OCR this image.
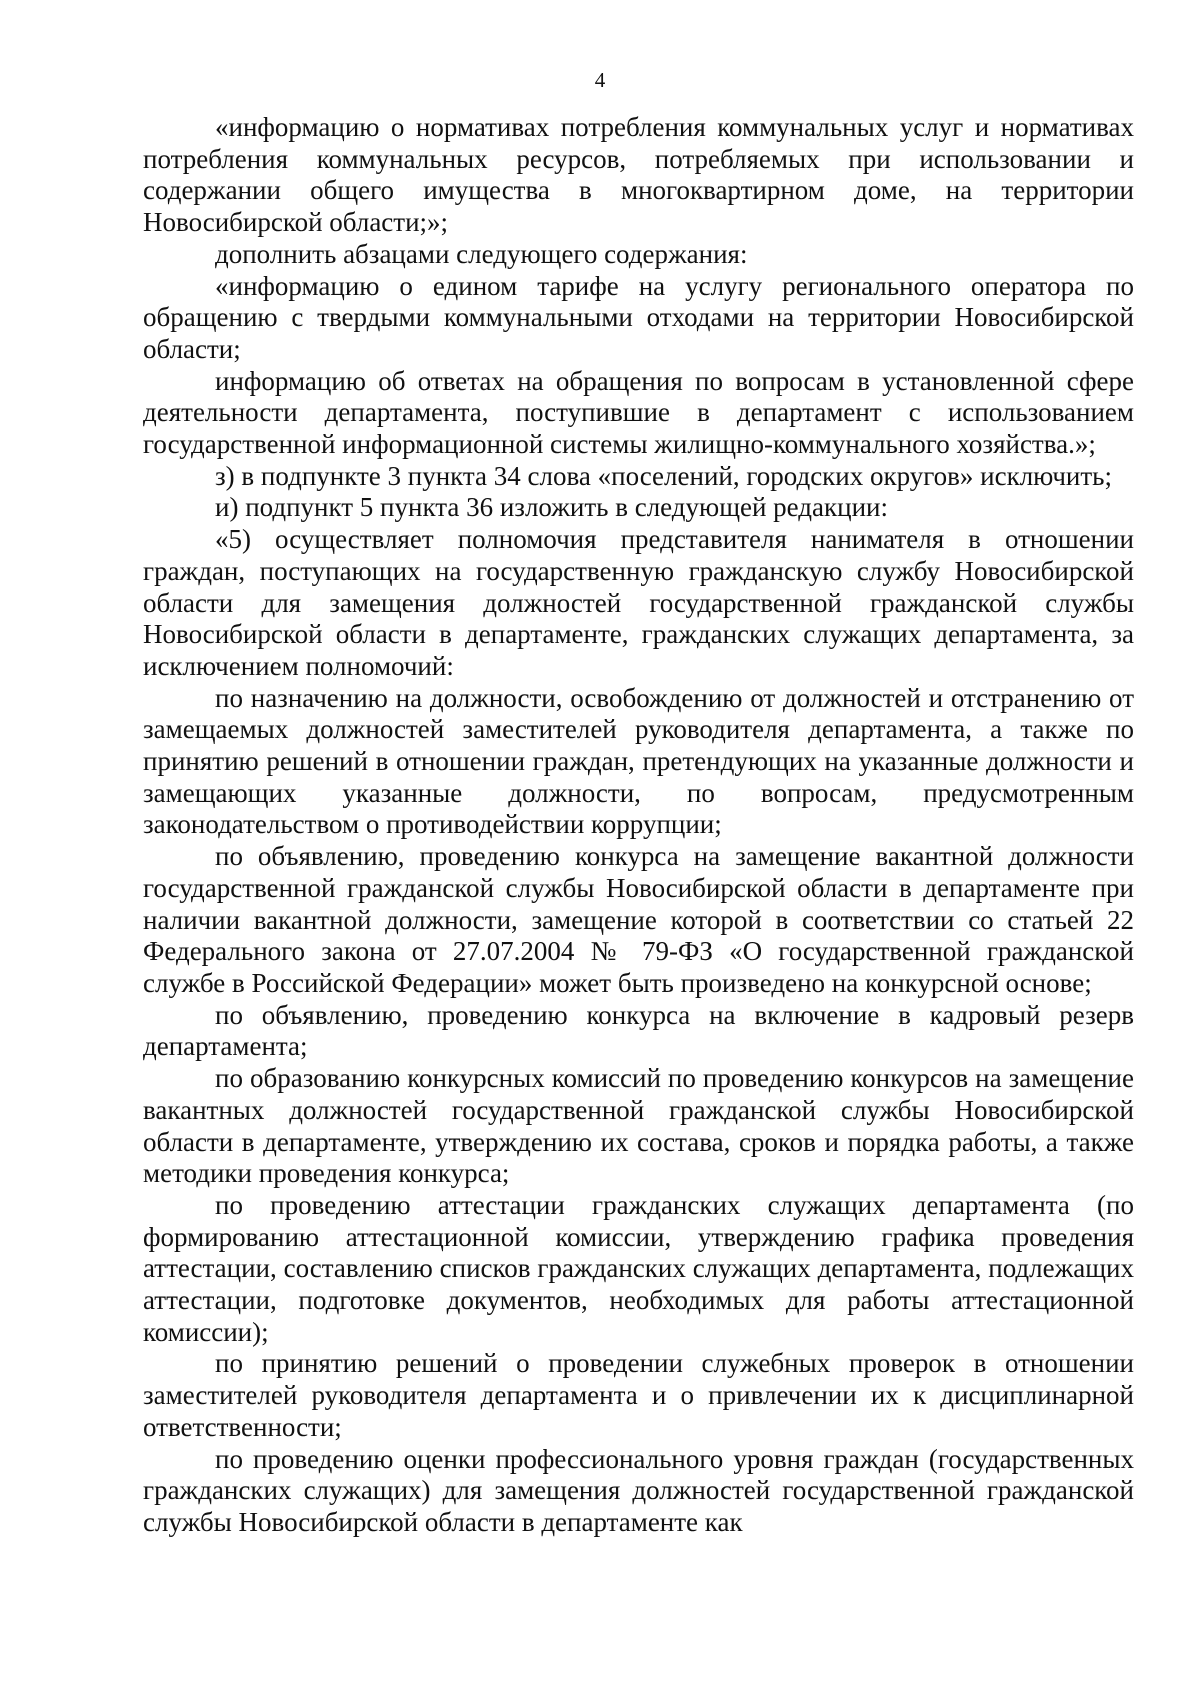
4

«информацию о нормативах потребления коммунальных услуг и нормативах потребления коммунальных ресурсов, потребляемых при использовании и содержании общего имущества в многоквартирном доме, на территории Новосибирской области;»;

дополнить абзацами следующего содержания:

«информацию о едином тарифе на услугу регионального оператора по обращению с твердыми коммунальными отходами на территории Новосибирской области;

информацию об ответах на обращения по вопросам в установленной сфере деятельности департамента, поступившие в департамент с использованием государственной информационной системы жилищно-коммунального хозяйства.»;

з) в подпункте 3 пункта 34 слова «поселений, городских округов» исключить;

и) подпункт 5 пункта 36 изложить в следующей редакции:

«5) осуществляет полномочия представителя нанимателя в отношении граждан, поступающих на государственную гражданскую службу Новосибирской области для замещения должностей государственной гражданской службы Новосибирской области в департаменте, гражданских служащих департамента, за исключением полномочий:

по назначению на должности, освобождению от должностей и отстранению от замещаемых должностей заместителей руководителя департамента, а также по принятию решений в отношении граждан, претендующих на указанные должности и замещающих указанные должности, по вопросам, предусмотренным законодательством о противодействии коррупции;

по объявлению, проведению конкурса на замещение вакантной должности государственной гражданской службы Новосибирской области в департаменте при наличии вакантной должности, замещение которой в соответствии со статьей 22 Федерального закона от 27.07.2004 № 79-ФЗ «О государственной гражданской службе в Российской Федерации» может быть произведено на конкурсной основе;

по объявлению, проведению конкурса на включение в кадровый резерв департамента;

по образованию конкурсных комиссий по проведению конкурсов на замещение вакантных должностей государственной гражданской службы Новосибирской области в департаменте, утверждению их состава, сроков и порядка работы, а также методики проведения конкурса;

по проведению аттестации гражданских служащих департамента (по формированию аттестационной комиссии, утверждению графика проведения аттестации, составлению списков гражданских служащих департамента, подлежащих аттестации, подготовке документов, необходимых для работы аттестационной комиссии);

по принятию решений о проведении служебных проверок в отношении заместителей руководителя департамента и о привлечении их к дисциплинарной ответственности;

по проведению оценки профессионального уровня граждан (государственных гражданских служащих) для замещения должностей государственной гражданской службы Новосибирской области в департаменте как
